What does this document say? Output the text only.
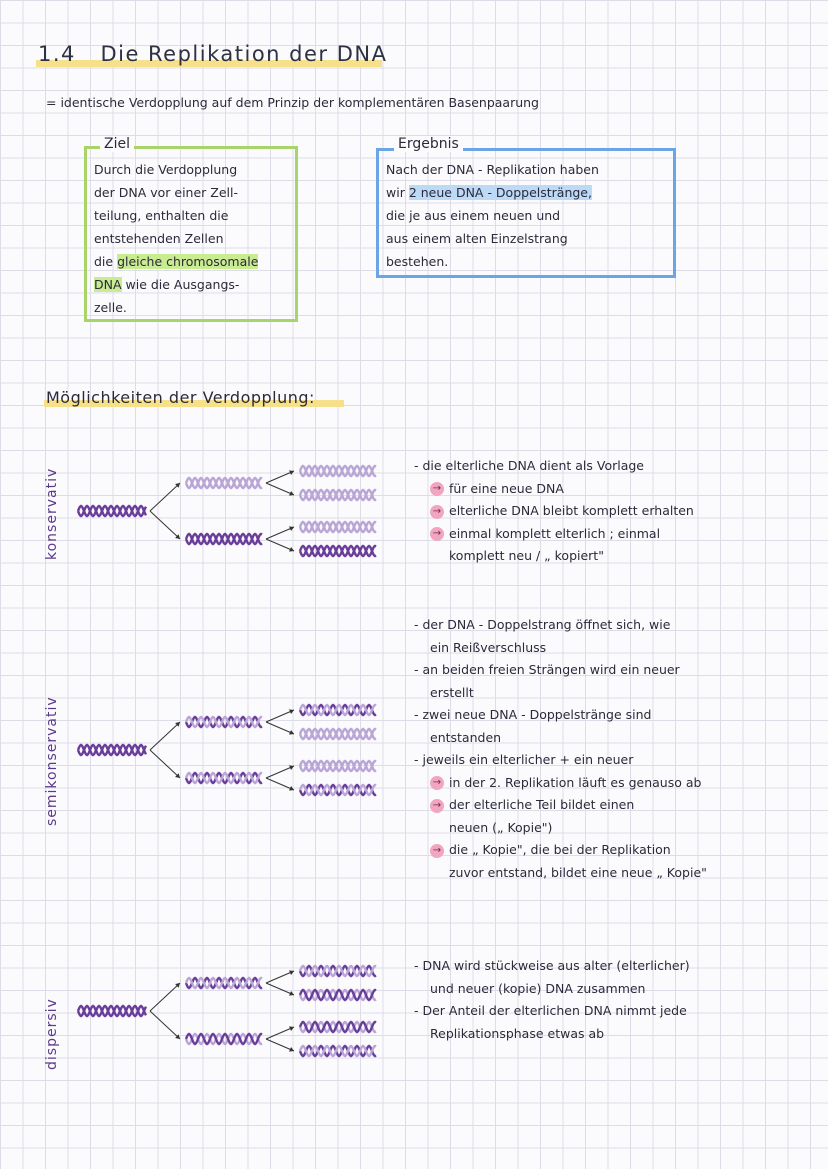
1.4 Die Replikation der DNA
= identische Verdopplung auf dem Prinzip der komplementären Basenpaarung
Ziel
Durch die Verdopplung
der DNA vor einer Zell-
teilung, enthalten die
entstehenden Zellen
die gleiche chromosomale
DNA wie die Ausgangs-
zelle.
Ergebnis
Nach der DNA - Replikation haben
wir 2 neue DNA - Doppelstränge,
die je aus einem neuen und
aus einem alten Einzelstrang
bestehen.
Möglichkeiten der Verdopplung:
konservativ
semikonservativ
dispersiv
- die elterliche DNA dient als Vorlage
→ für eine neue DNA
→ elterliche DNA bleibt komplett erhalten
→ einmal komplett elterlich ; einmal
komplett neu / „ kopiert"
- der DNA - Doppelstrang öffnet sich, wie
ein Reißverschluss
- an beiden freien Strängen wird ein neuer
erstellt
- zwei neue DNA - Doppelstränge sind
entstanden
- jeweils ein elterlicher + ein neuer
→ in der 2. Replikation läuft es genauso ab
→ der elterliche Teil bildet einen
neuen („ Kopie")
→ die „ Kopie", die bei der Replikation
zuvor entstand, bildet eine neue „ Kopie"
- DNA wird stückweise aus alter (elterlicher)
und neuer (kopie) DNA zusammen
- Der Anteil der elterlichen DNA nimmt jede
Replikationsphase etwas ab
